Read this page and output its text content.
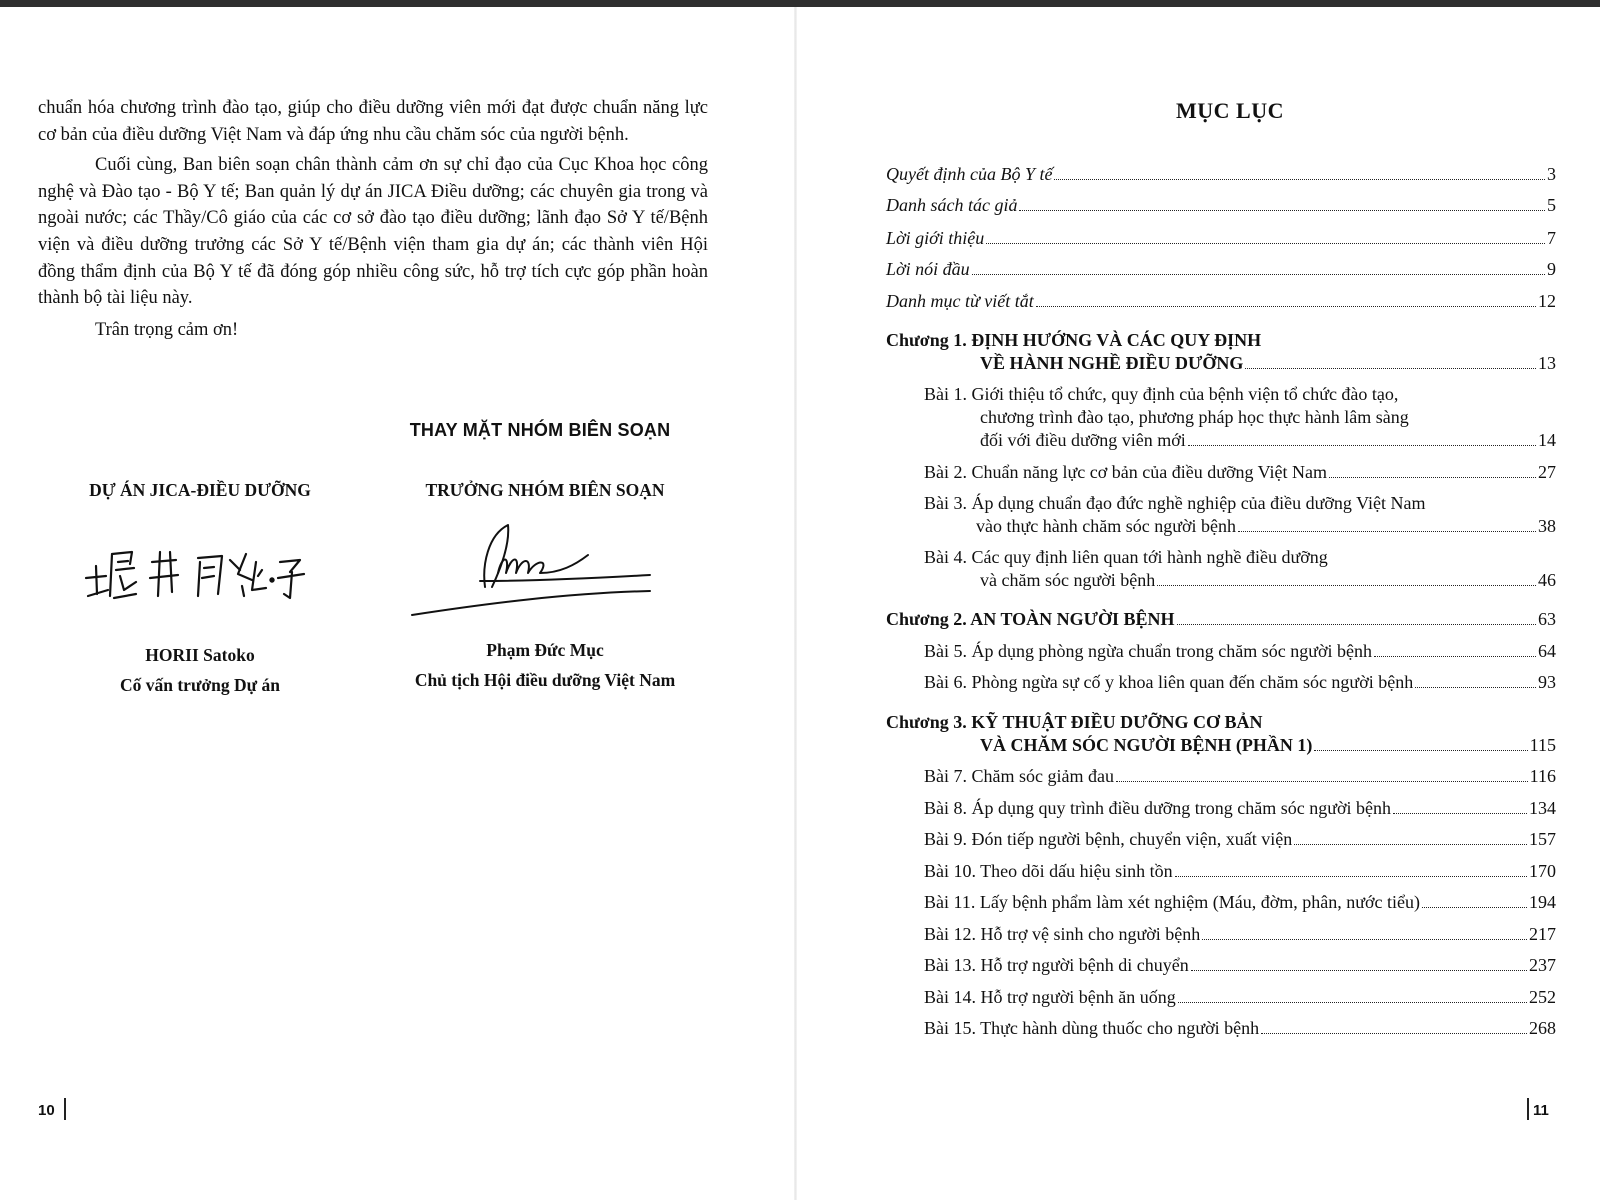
chuẩn hóa chương trình đào tạo, giúp cho điều dưỡng viên mới đạt được chuẩn năng lực cơ bản của điều dưỡng Việt Nam và đáp ứng nhu cầu chăm sóc của người bệnh.

Cuối cùng, Ban biên soạn chân thành cảm ơn sự chỉ đạo của Cục Khoa học công nghệ và Đào tạo - Bộ Y tế; Ban quản lý dự án JICA Điều dưỡng; các chuyên gia trong và ngoài nước; các Thầy/Cô giáo của các cơ sở đào tạo điều dưỡng; lãnh đạo Sở Y tế/Bệnh viện và điều dưỡng trưởng các Sở Y tế/Bệnh viện tham gia dự án; các thành viên Hội đồng thẩm định của Bộ Y tế đã đóng góp nhiều công sức, hỗ trợ tích cực góp phần hoàn thành bộ tài liệu này.

Trân trọng cảm ơn!

THAY MẶT NHÓM BIÊN SOẠN
DỰ ÁN JICA-ĐIỀU DƯỠNG	TRƯỞNG NHÓM BIÊN SOẠN
HORII Satoko
Cố vấn trưởng Dự án
Phạm Đức Mục
Chủ tịch Hội điều dưỡng Việt Nam
10
MỤC LỤC
Quyết định của Bộ Y tế	3
Danh sách tác giả	5
Lời giới thiệu	7
Lời nói đầu	9
Danh mục từ viết tắt	12
Chương 1. ĐỊNH HƯỚNG VÀ CÁC QUY ĐỊNH
VỀ HÀNH NGHỀ ĐIỀU DƯỠNG	13
Bài 1. Giới thiệu tổ chức, quy định của bệnh viện tổ chức đào tạo,
chương trình đào tạo, phương pháp học thực hành lâm sàng
đối với điều dưỡng viên mới	14
Bài 2. Chuẩn năng lực cơ bản của điều dưỡng Việt Nam	27
Bài 3. Áp dụng chuẩn đạo đức nghề nghiệp của điều dưỡng Việt Nam
vào thực hành chăm sóc người bệnh	38
Bài 4. Các quy định liên quan tới hành nghề điều dưỡng
và chăm sóc người bệnh	46
Chương 2. AN TOÀN NGƯỜI BỆNH	63
Bài 5. Áp dụng phòng ngừa chuẩn trong chăm sóc người bệnh	64
Bài 6. Phòng ngừa sự cố y khoa liên quan đến chăm sóc người bệnh	93
Chương 3. KỸ THUẬT ĐIỀU DƯỠNG CƠ BẢN
VÀ CHĂM SÓC NGƯỜI BỆNH (PHẦN 1)	115
Bài 7. Chăm sóc giảm đau	116
Bài 8. Áp dụng quy trình điều dưỡng trong chăm sóc người bệnh	134
Bài 9. Đón tiếp người bệnh, chuyển viện, xuất viện	157
Bài 10. Theo dõi dấu hiệu sinh tồn	170
Bài 11. Lấy bệnh phẩm làm xét nghiệm (Máu, đờm, phân, nước tiểu)	194
Bài 12. Hỗ trợ vệ sinh cho người bệnh	217
Bài 13. Hỗ trợ người bệnh di chuyển	237
Bài 14. Hỗ trợ người bệnh ăn uống	252
Bài 15. Thực hành dùng thuốc cho người bệnh	268
11
